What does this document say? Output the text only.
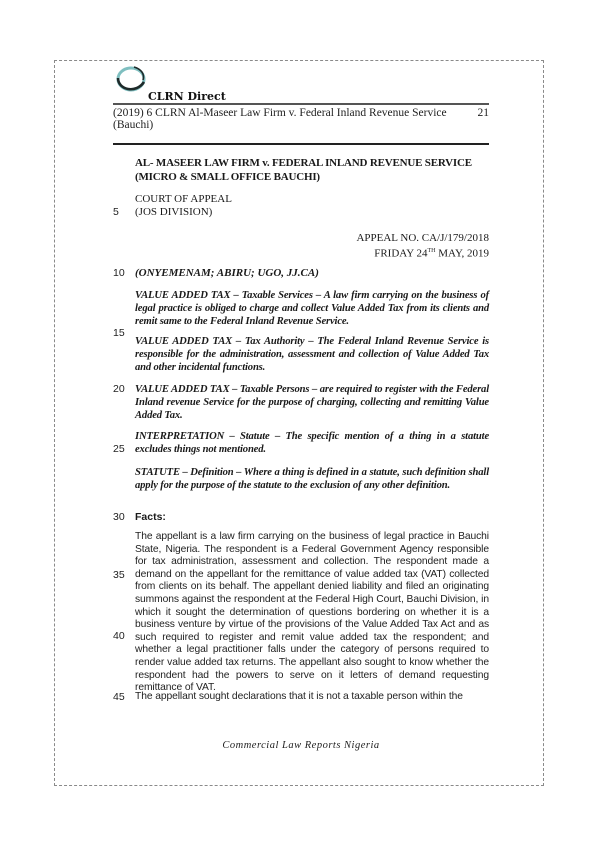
CLRN Direct
(2019) 6 CLRN Al-Maseer Law Firm v. Federal Inland Revenue Service (Bauchi)
21
AL- MASEER LAW FIRM v. FEDERAL INLAND REVENUE SERVICE (MICRO & SMALL OFFICE BAUCHI)
COURT OF APPEAL
(JOS DIVISION)
APPEAL NO. CA/J/179/2018
FRIDAY 24TH MAY, 2019
(ONYEMENAM; ABIRU; UGO, JJ.CA)
VALUE ADDED TAX – Taxable Services – A law firm carrying on the business of legal practice is obliged to charge and collect Value Added Tax from its clients and remit same to the Federal Inland Revenue Service.
VALUE ADDED TAX – Tax Authority – The Federal Inland Revenue Service is responsible for the administration, assessment and collection of Value Added Tax and other incidental functions.
VALUE ADDED TAX – Taxable Persons – are required to register with the Federal Inland revenue Service for the purpose of charging, collecting and remitting Value Added Tax.
INTERPRETATION – Statute – The specific mention of a thing in a statute excludes things not mentioned.
STATUTE – Definition – Where a thing is defined in a statute, such definition shall apply for the purpose of the statute to the exclusion of any other definition.
Facts:
The appellant is a law firm carrying on the business of legal practice in Bauchi State, Nigeria. The respondent is a Federal Government Agency responsible for tax administration, assessment and collection. The respondent made a demand on the appellant for the remittance of value added tax (VAT) collected from clients on its behalf. The appellant denied liability and filed an originating summons against the respondent at the Federal High Court, Bauchi Division, in which it sought the determination of questions bordering on whether it is a business venture by virtue of the provisions of the Value Added Tax Act and as such required to register and remit value added tax the respondent; and whether a legal practitioner falls under the category of persons required to render value added tax returns. The appellant also sought to know whether the respondent had the powers to serve on it letters of demand requesting remittance of VAT.
The appellant sought declarations that it is not a taxable person within the
5
10
15
20
25
30
35
40
45
Commercial Law Reports Nigeria
